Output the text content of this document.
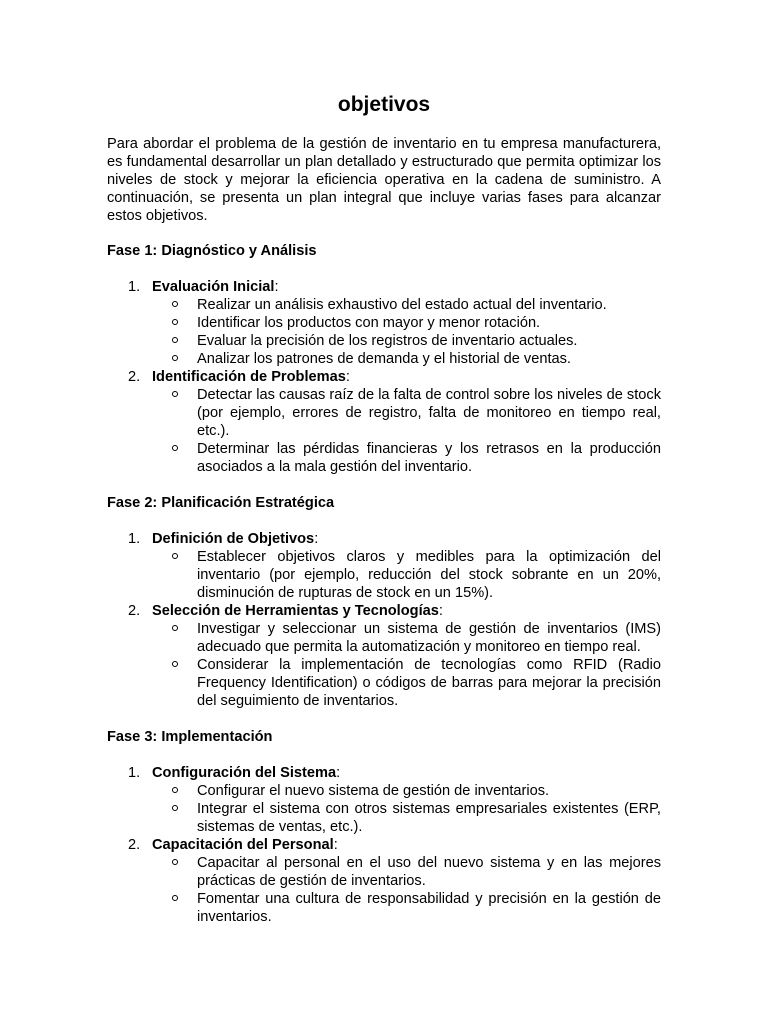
objetivos
Para abordar el problema de la gestión de inventario en tu empresa manufacturera, es fundamental desarrollar un plan detallado y estructurado que permita optimizar los niveles de stock y mejorar la eficiencia operativa en la cadena de suministro. A continuación, se presenta un plan integral que incluye varias fases para alcanzar estos objetivos.
Fase 1: Diagnóstico y Análisis
1. Evaluación Inicial:
Realizar un análisis exhaustivo del estado actual del inventario.
Identificar los productos con mayor y menor rotación.
Evaluar la precisión de los registros de inventario actuales.
Analizar los patrones de demanda y el historial de ventas.
2. Identificación de Problemas:
Detectar las causas raíz de la falta de control sobre los niveles de stock (por ejemplo, errores de registro, falta de monitoreo en tiempo real, etc.).
Determinar las pérdidas financieras y los retrasos en la producción asociados a la mala gestión del inventario.
Fase 2: Planificación Estratégica
1. Definición de Objetivos:
Establecer objetivos claros y medibles para la optimización del inventario (por ejemplo, reducción del stock sobrante en un 20%, disminución de rupturas de stock en un 15%).
2. Selección de Herramientas y Tecnologías:
Investigar y seleccionar un sistema de gestión de inventarios (IMS) adecuado que permita la automatización y monitoreo en tiempo real.
Considerar la implementación de tecnologías como RFID (Radio Frequency Identification) o códigos de barras para mejorar la precisión del seguimiento de inventarios.
Fase 3: Implementación
1. Configuración del Sistema:
Configurar el nuevo sistema de gestión de inventarios.
Integrar el sistema con otros sistemas empresariales existentes (ERP, sistemas de ventas, etc.).
2. Capacitación del Personal:
Capacitar al personal en el uso del nuevo sistema y en las mejores prácticas de gestión de inventarios.
Fomentar una cultura de responsabilidad y precisión en la gestión de inventarios.
